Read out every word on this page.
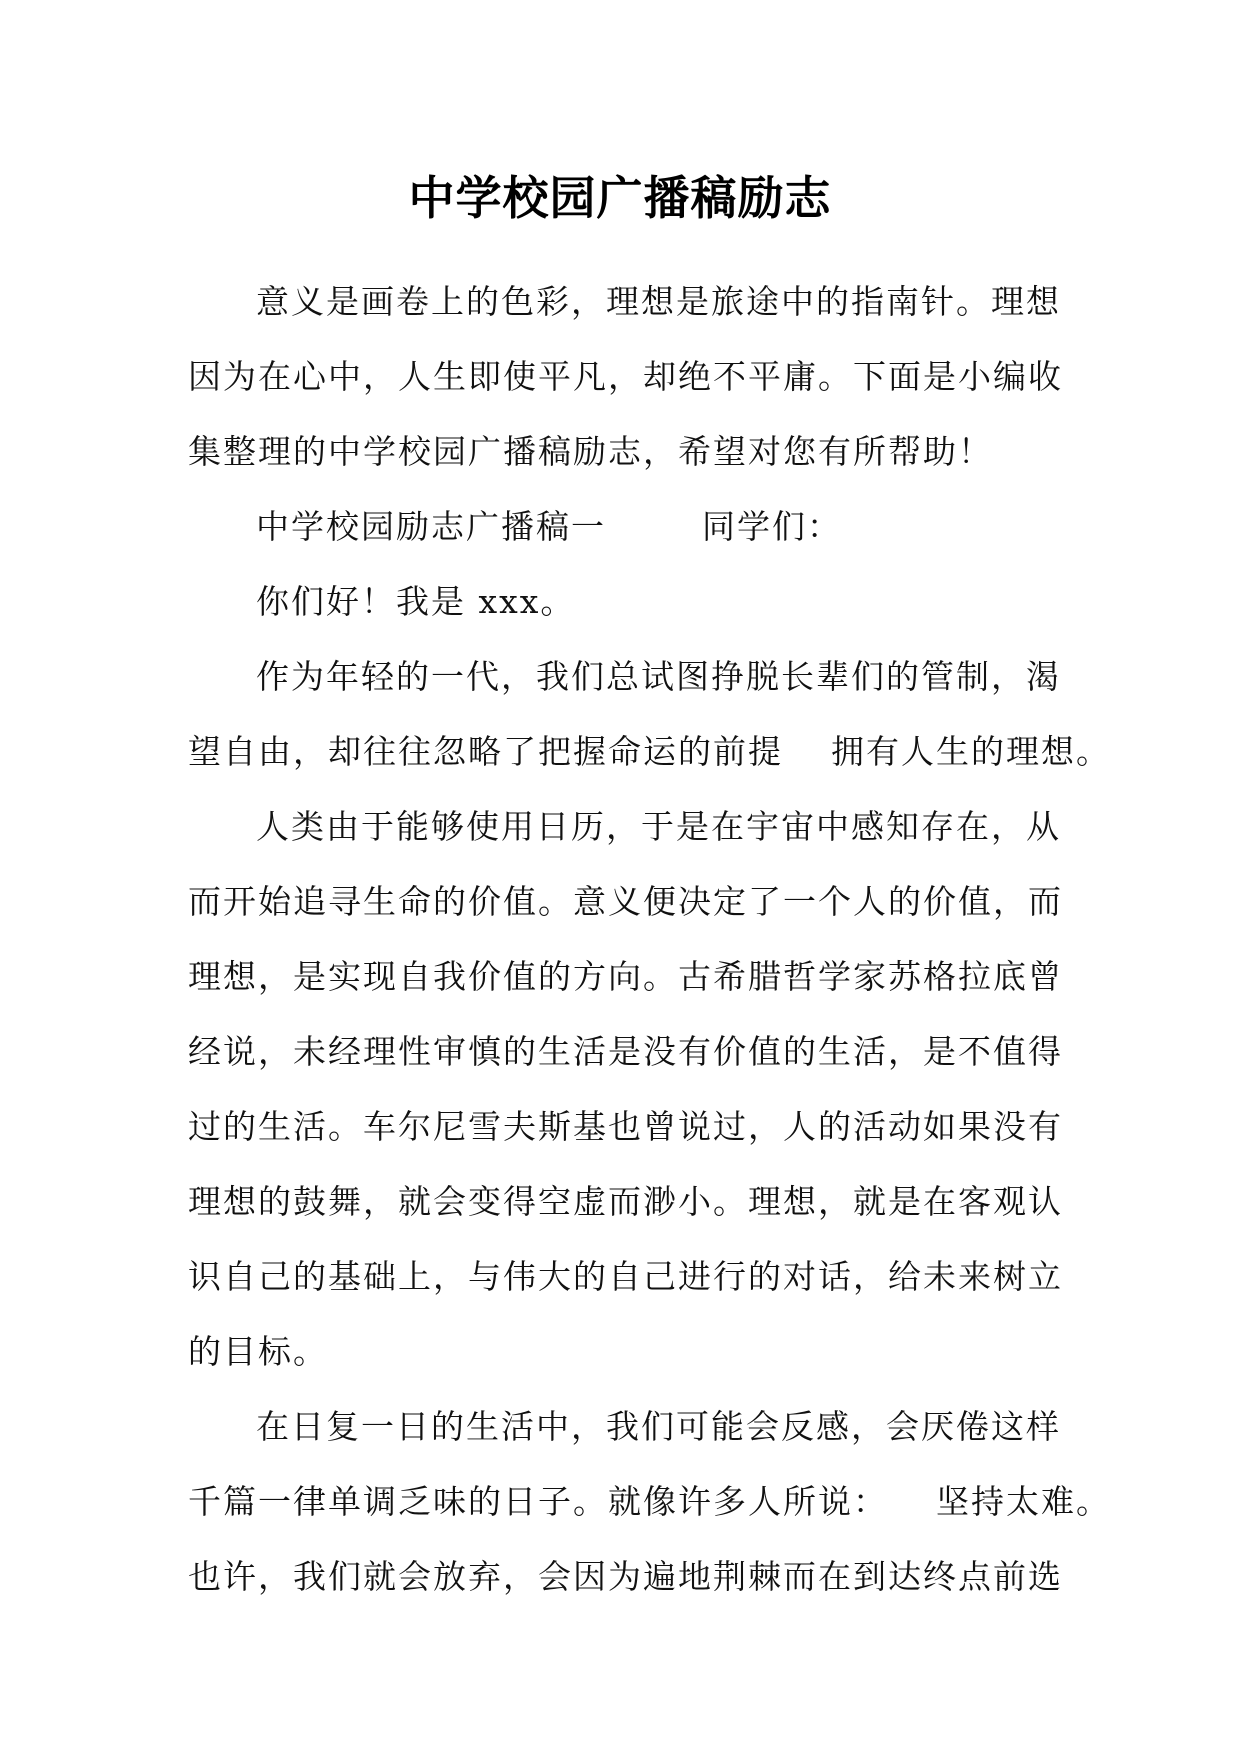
中学校园广播稿励志
意义是画卷上的色彩，理想是旅途中的指南针。理想
因为在心中，人生即使平凡，却绝不平庸。下面是小编收
集整理的中学校园广播稿励志，希望对您有所帮助！
中学校园励志广播稿一	同学们：
你们好！我是 xxx。
作为年轻的一代，我们总试图挣脱长辈们的管制，渴
望自由，却往往忽略了把握命运的前提 拥有人生的理想。
人类由于能够使用日历，于是在宇宙中感知存在，从
而开始追寻生命的价值。意义便决定了一个人的价值，而
理想，是实现自我价值的方向。古希腊哲学家苏格拉底曾
经说，未经理性审慎的生活是没有价值的生活，是不值得
过的生活。车尔尼雪夫斯基也曾说过，人的活动如果没有
理想的鼓舞，就会变得空虚而渺小。理想，就是在客观认
识自己的基础上，与伟大的自己进行的对话，给未来树立
的目标。
在日复一日的生活中，我们可能会反感，会厌倦这样
千篇一律单调乏味的日子。就像许多人所说： 坚持太难。
也许，我们就会放弃，会因为遍地荆棘而在到达终点前选
